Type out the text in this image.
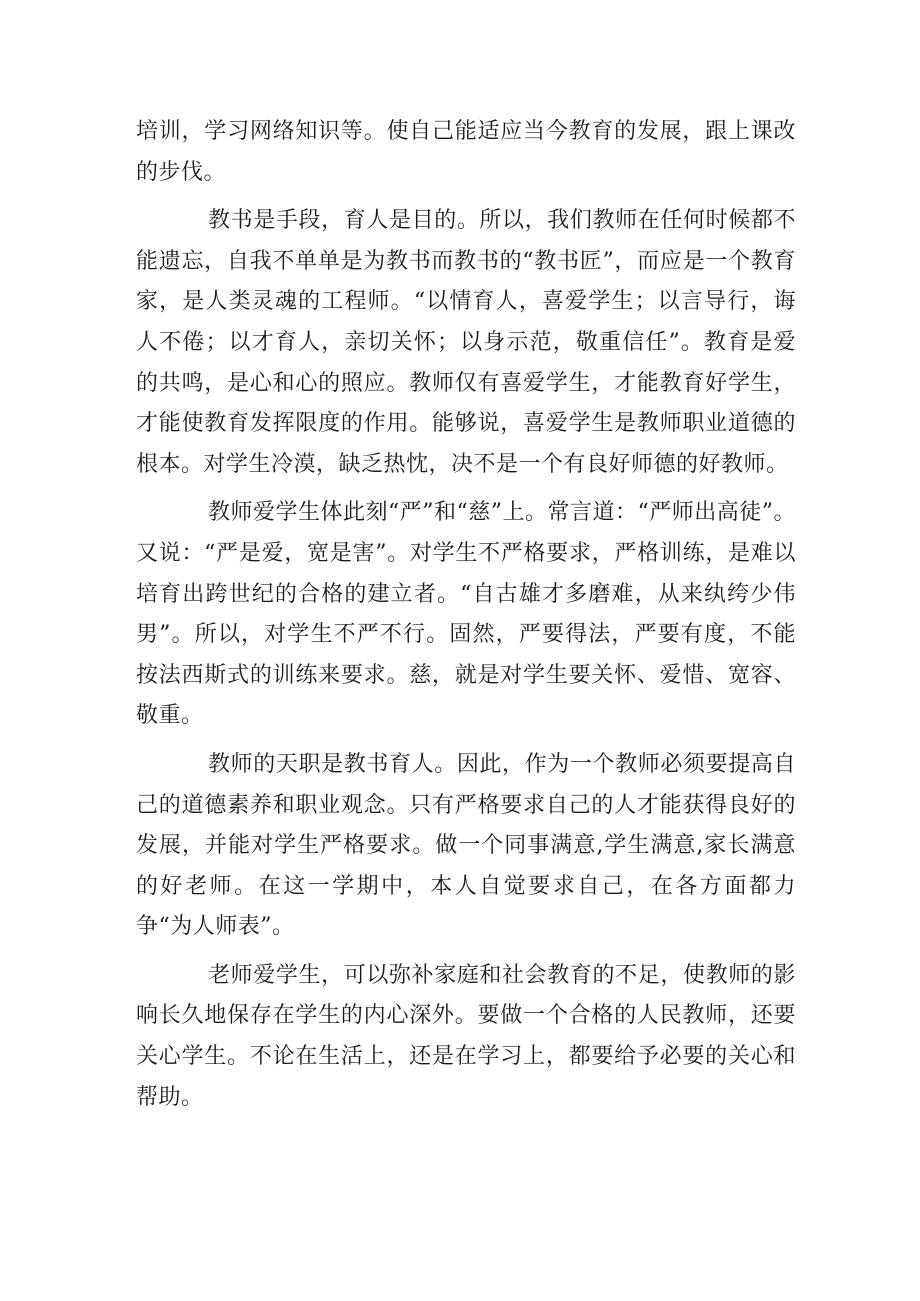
培训，学习网络知识等。使自己能适应当今教育的发展，跟上课改的步伐。

教书是手段，育人是目的。所以，我们教师在任何时候都不能遗忘，自我不单单是为教书而教书的“教书匠”，而应是一个教育家，是人类灵魂的工程师。“以情育人，喜爱学生；以言导行，诲人不倦；以才育人，亲切关怀；以身示范，敬重信任”。教育是爱的共鸣，是心和心的照应。教师仅有喜爱学生，才能教育好学生，才能使教育发挥限度的作用。能够说，喜爱学生是教师职业道德的根本。对学生冷漠，缺乏热忱，决不是一个有良好师德的好教师。

教师爱学生体此刻“严”和“慈”上。常言道：“严师出高徒”。又说：“严是爱，宽是害”。对学生不严格要求，严格训练，是难以培育出跨世纪的合格的建立者。“自古雄才多磨难，从来纨绔少伟男”。所以，对学生不严不行。固然，严要得法，严要有度，不能按法西斯式的训练来要求。慈，就是对学生要关怀、爱惜、宽容、敬重。

教师的天职是教书育人。因此，作为一个教师必须要提高自己的道德素养和职业观念。只有严格要求自己的人才能获得良好的发展，并能对学生严格要求。做一个同事满意,学生满意,家长满意的好老师。在这一学期中，本人自觉要求自己，在各方面都力争“为人师表”。

老师爱学生，可以弥补家庭和社会教育的不足，使教师的影响长久地保存在学生的内心深外。要做一个合格的人民教师，还要关心学生。不论在生活上，还是在学习上，都要给予必要的关心和帮助。
